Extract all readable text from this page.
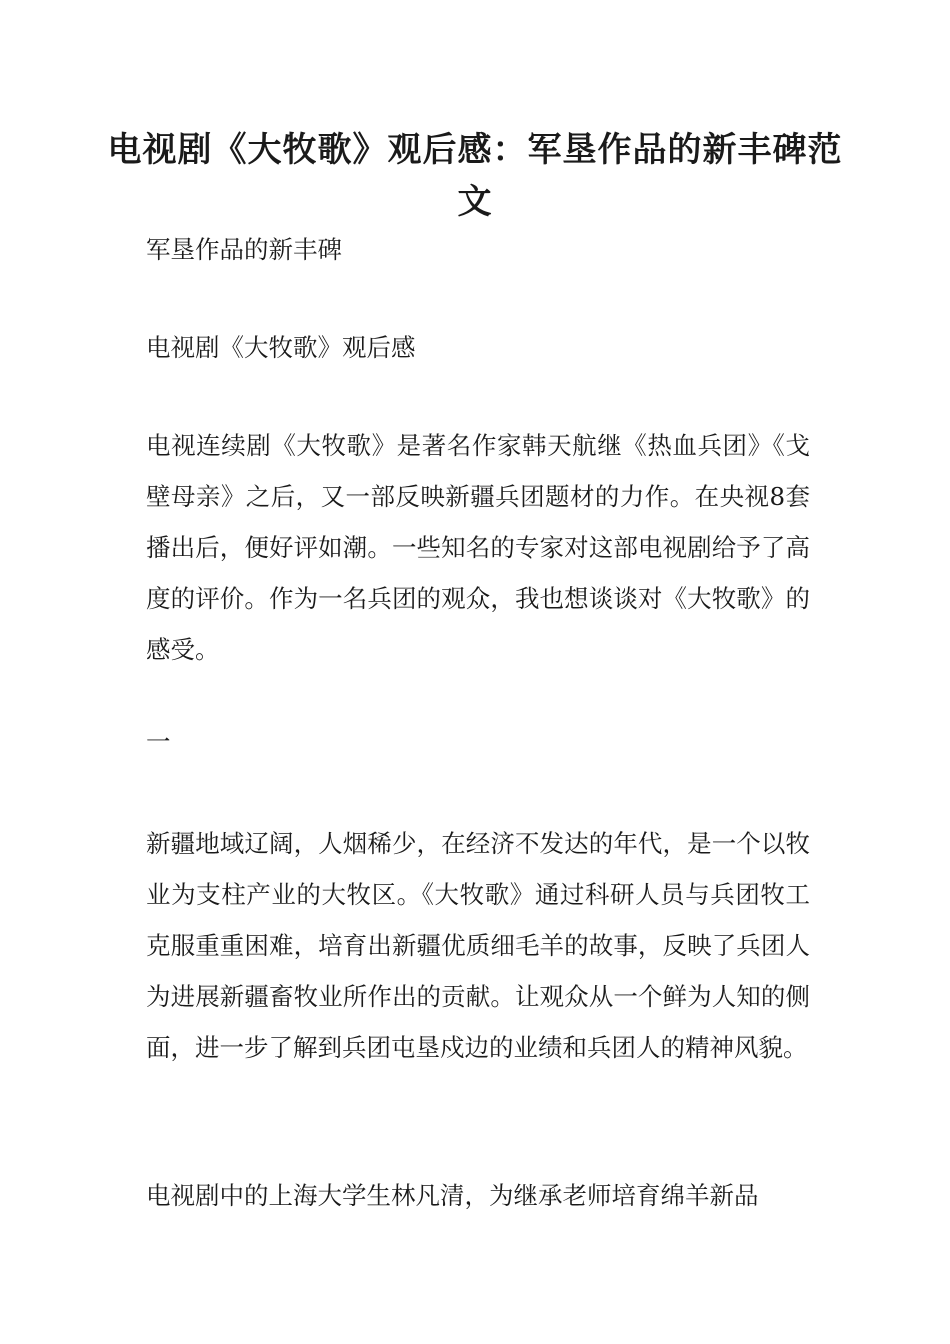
电视剧《大牧歌》观后感：军垦作品的新丰碑范文

军垦作品的新丰碑

电视剧《大牧歌》观后感

电视连续剧《大牧歌》是著名作家韩天航继《热血兵团》《戈壁母亲》之后，又一部反映新疆兵团题材的力作。在央视8套播出后，便好评如潮。一些知名的专家对这部电视剧给予了高度的评价。作为一名兵团的观众，我也想谈谈对《大牧歌》的感受。

一

新疆地域辽阔，人烟稀少，在经济不发达的年代，是一个以牧业为支柱产业的大牧区。《大牧歌》通过科研人员与兵团牧工克服重重困难，培育出新疆优质细毛羊的故事，反映了兵团人为进展新疆畜牧业所作出的贡献。让观众从一个鲜为人知的侧面，进一步了解到兵团屯垦戍边的业绩和兵团人的精神风貌。

电视剧中的上海大学生林凡清，为继承老师培育绵羊新品
